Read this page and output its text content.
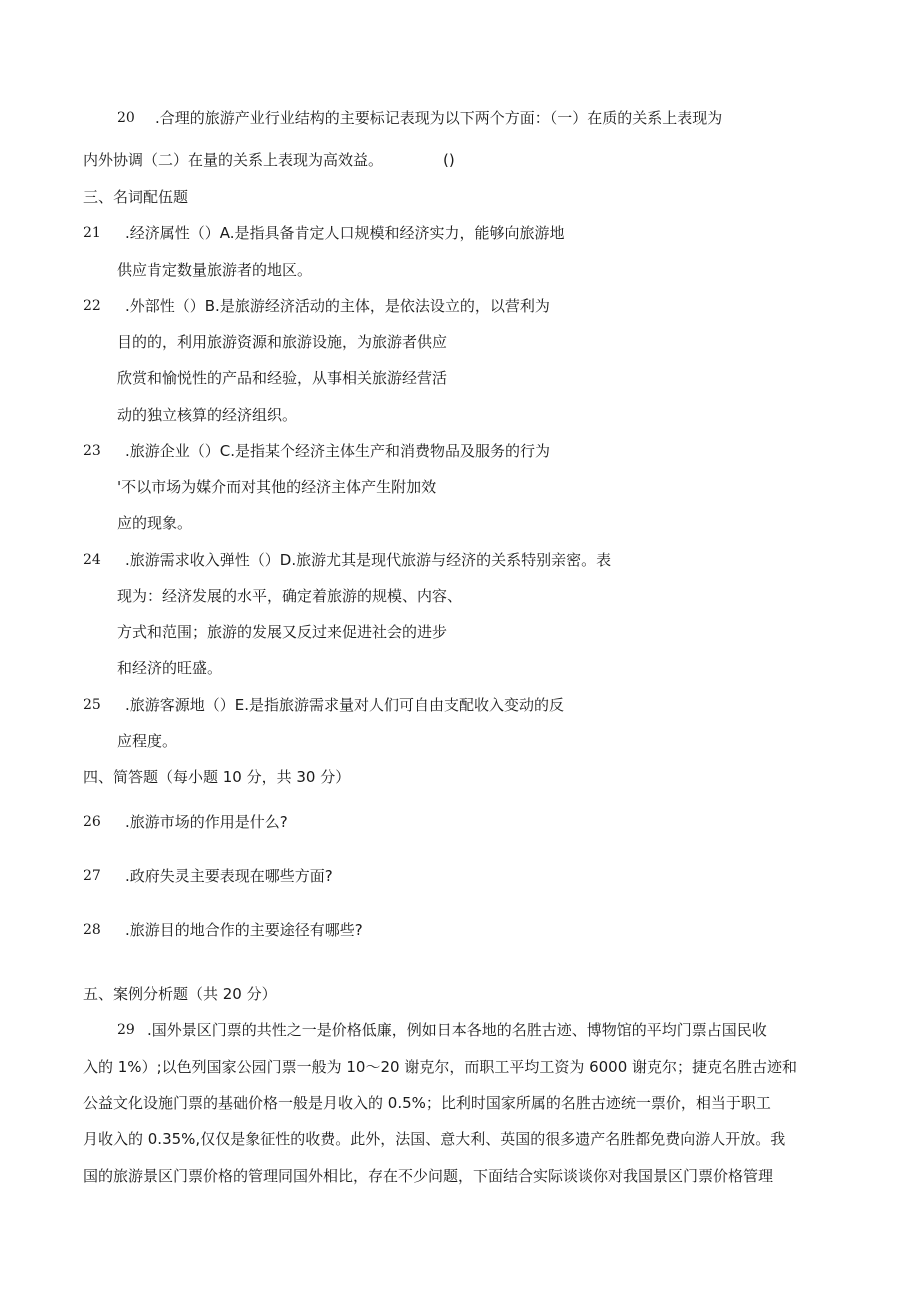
20 .合理的旅游产业行业结构的主要标记表现为以下两个方面：（一）在质的关系上表现为
内外协调（二）在量的关系上表现为高效益。	()
三、名词配伍题
21 .经济属性（）A.是指具备肯定人口规模和经济实力，能够向旅游地
供应肯定数量旅游者的地区。
22 .外部性（）B.是旅游经济活动的主体，是依法设立的，以营利为
目的的，利用旅游资源和旅游设施，为旅游者供应
欣赏和愉悦性的产品和经验，从事相关旅游经营活
动的独立核算的经济组织。
23 .旅游企业（）C.是指某个经济主体生产和消费物品及服务的行为
'不以市场为媒介而对其他的经济主体产生附加效
应的现象。
24 .旅游需求收入弹性（）D.旅游尤其是现代旅游与经济的关系特别亲密。表
现为：经济发展的水平，确定着旅游的规模、内容、
方式和范围；旅游的发展又反过来促进社会的进步
和经济的旺盛。
25 .旅游客源地（）E.是指旅游需求量对人们可自由支配收入变动的反
应程度。
四、简答题（每小题 10 分，共 30 分）
26 .旅游市场的作用是什么?
27 .政府失灵主要表现在哪些方面?
28 .旅游目的地合作的主要途径有哪些?
五、案例分析题（共 20 分）
29 .国外景区门票的共性之一是价格低廉，例如日本各地的名胜古迹、博物馆的平均门票占国民收
入的 1%）;以色列国家公园门票一般为 10～20 谢克尔，而职工平均工资为 6000 谢克尔；捷克名胜古迹和
公益文化设施门票的基础价格一般是月收入的 0.5%；比利时国家所属的名胜古迹统一票价，相当于职工
月收入的 0.35%,仅仅是象征性的收费。此外，法国、意大利、英国的很多遗产名胜都免费向游人开放。我
国的旅游景区门票价格的管理同国外相比，存在不少问题，下面结合实际谈谈你对我国景区门票价格管理
